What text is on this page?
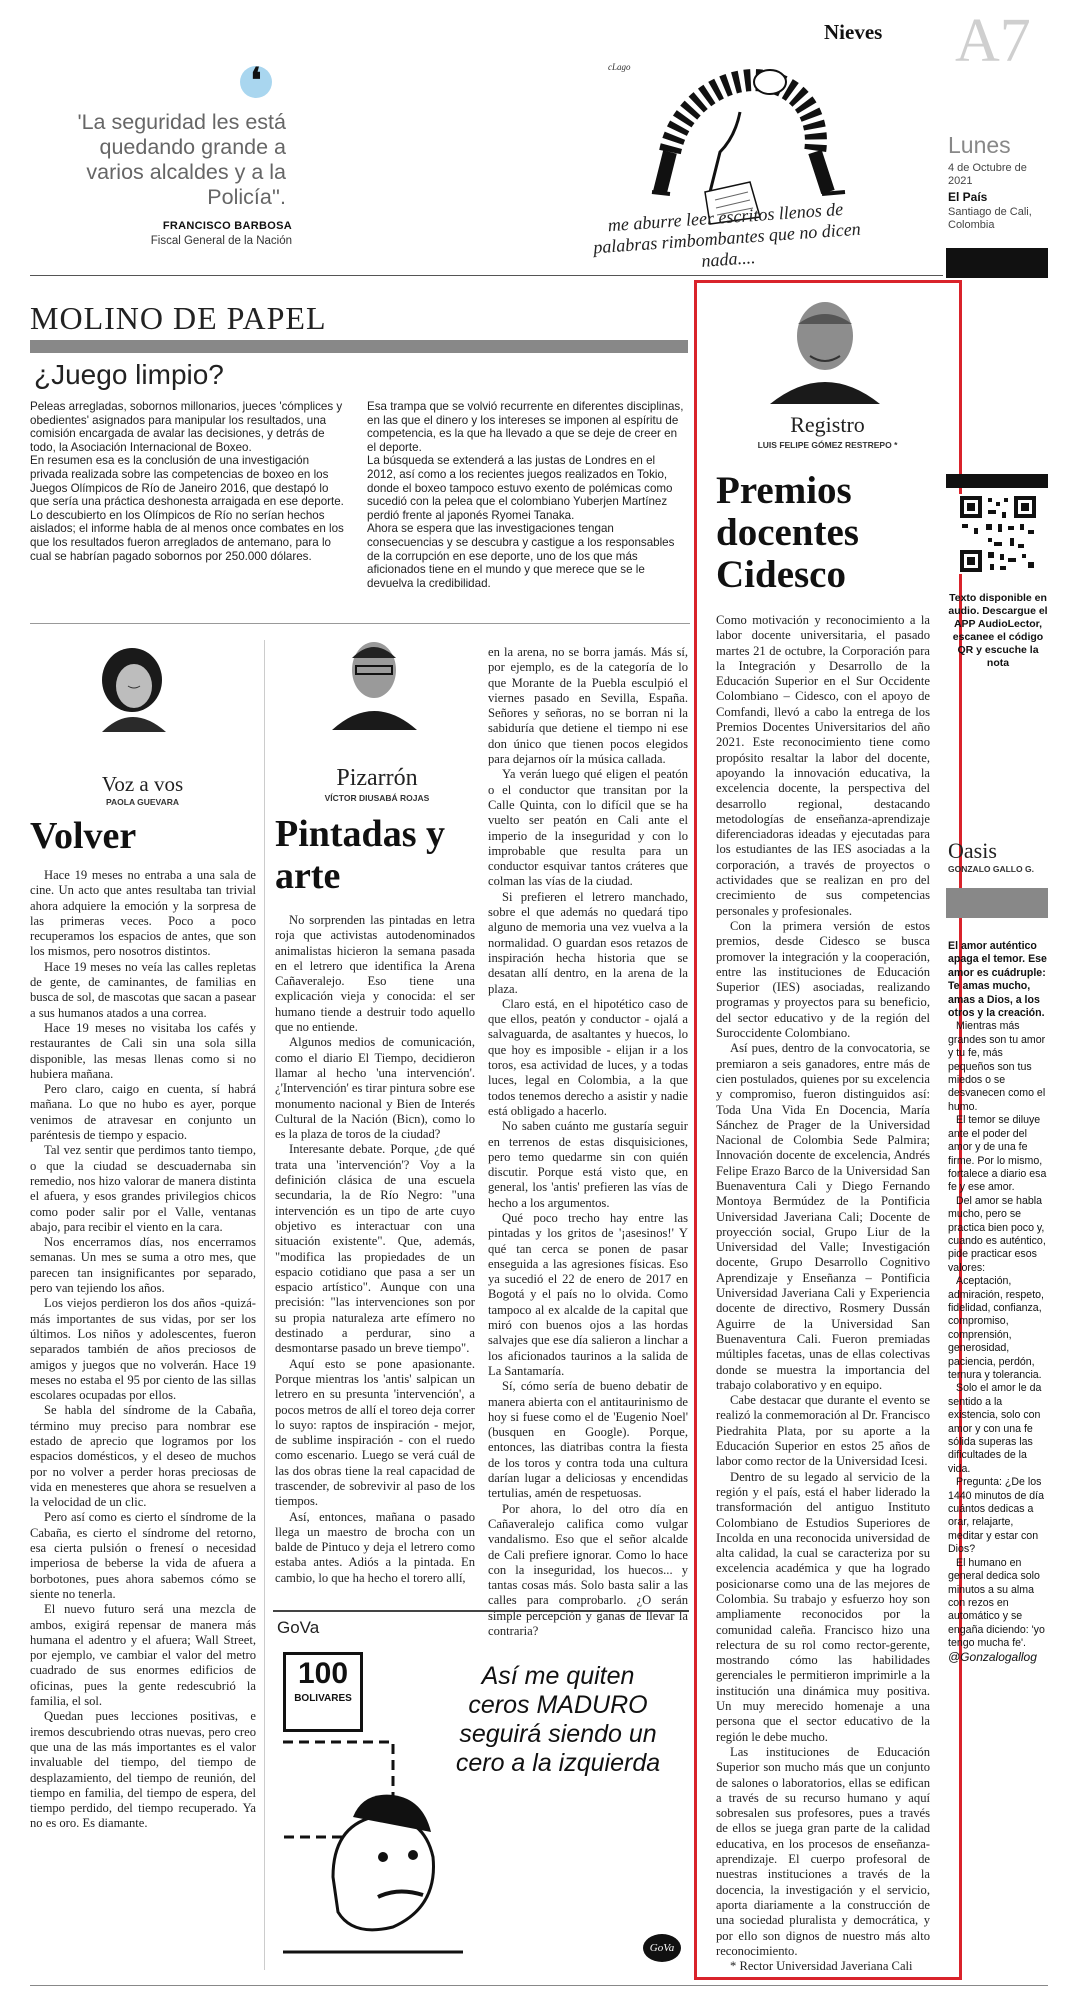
❛
'La seguridad les está quedando grande a varios alcaldes y a la Policía''.
FRANCISCO BARBOSA
Fiscal General de la Nación
cLago
me aburre leer escritos llenos de palabras rimbombantes que no dicen nada....
Nieves A7
Lunes
4 de Octubre de 2021
El País
Santiago de Cali, Colombia
MOLINO DE PAPEL
¿Juego limpio?
Peleas arregladas, sobornos millonarios, jueces 'cómplices y obedientes' asignados para manipular los resultados, una comisión encargada de avalar las decisiones, y detrás de todo, la Asociación Internacional de Boxeo.
En resumen esa es la conclusión de una investigación privada realizada sobre las competencias de boxeo en los Juegos Olímpicos de Río de Janeiro 2016, que destapó lo que sería una práctica deshonesta arraigada en ese deporte.
Lo descubierto en los Olímpicos de Río no serían hechos aislados; el informe habla de al menos once combates en los que los resultados fueron arreglados de antemano, para lo cual se habrían pagado sobornos por 250.000 dólares.
Esa trampa que se volvió recurrente en diferentes disciplinas, en las que el dinero y los intereses se imponen al espíritu de competencia, es la que ha llevado a que se deje de creer en el deporte.
La búsqueda se extenderá a las justas de Londres en el 2012, así como a los recientes juegos realizados en Tokio, donde el boxeo tampoco estuvo exento de polémicas como sucedió con la pelea que el colombiano Yuberjen Martínez perdió frente al japonés Ryomei Tanaka.
Ahora se espera que las investigaciones tengan consecuencias y se descubra y castigue a los responsables de la corrupción en ese deporte, uno de los que más aficionados tiene en el mundo y que merece que se le devuelva la credibilidad.
Voz a vos
PAOLA GUEVARA
Volver

Hace 19 meses no entraba a una sala de cine. Un acto que antes resultaba tan trivial ahora adquiere la emoción y la sorpresa de las primeras veces. Poco a poco recuperamos los espacios de antes, que son los mismos, pero nosotros distintos.

Hace 19 meses no veía las calles repletas de gente, de caminantes, de familias en busca de sol, de mascotas que sacan a pasear a sus humanos atados a una correa.

Hace 19 meses no visitaba los cafés y restaurantes de Cali sin una sola silla disponible, las mesas llenas como si no hubiera mañana.

Pero claro, caigo en cuenta, sí habrá mañana. Lo que no hubo es ayer, porque venimos de atravesar en conjunto un paréntesis de tiempo y espacio.

Tal vez sentir que perdimos tanto tiempo, o que la ciudad se descuadernaba sin remedio, nos hizo valorar de manera distinta el afuera, y esos grandes privilegios chicos como poder salir por el Valle, ventanas abajo, para recibir el viento en la cara.

Nos encerramos días, nos encerramos semanas. Un mes se suma a otro mes, que parecen tan insignificantes por separado, pero van tejiendo los años.

Los viejos perdieron los dos años -quizá- más importantes de sus vidas, por ser los últimos. Los niños y adolescentes, fueron separados también de años preciosos de amigos y juegos que no volverán. Hace 19 meses no estaba el 95 por ciento de las sillas escolares ocupadas por ellos.

Se habla del síndrome de la Cabaña, término muy preciso para nombrar ese estado de aprecio que logramos por los espacios domésticos, y el deseo de muchos por no volver a perder horas preciosas de vida en menesteres que ahora se resuelven a la velocidad de un clic.

Pero así como es cierto el síndrome de la Cabaña, es cierto el síndrome del retorno, esa cierta pulsión o frenesí o necesidad imperiosa de beberse la vida de afuera a borbotones, pues ahora sabemos cómo se siente no tenerla.

El nuevo futuro será una mezcla de ambos, exigirá repensar de manera más humana el adentro y el afuera; Wall Street, por ejemplo, ve cambiar el valor del metro cuadrado de sus enormes edificios de oficinas, pues la gente redescubrió la familia, el sol.

Quedan pues lecciones positivas, e iremos descubriendo otras nuevas, pero creo que una de las más importantes es el valor invaluable del tiempo, del tiempo de desplazamiento, del tiempo de reunión, del tiempo en familia, del tiempo de espera, del tiempo perdido, del tiempo recuperado. Ya no es oro. Es diamante.

Pizarrón
VÍCTOR DIUSABÁ ROJAS
Pintadas y arte

No sorprenden las pintadas en letra roja que activistas autodenominados animalistas hicieron la semana pasada en el letrero que identifica la Arena Cañaveralejo. Eso tiene una explicación vieja y conocida: el ser humano tiende a destruir todo aquello que no entiende.

Algunos medios de comunicación, como el diario El Tiempo, decidieron llamar al hecho 'una intervención'. ¿'Intervención' es tirar pintura sobre ese monumento nacional y Bien de Interés Cultural de la Nación (Bicn), como lo es la plaza de toros de la ciudad?

Interesante debate. Porque, ¿de qué trata una 'intervención'? Voy a la definición clásica de una escuela secundaria, la de Río Negro: "una intervención es un tipo de arte cuyo objetivo es interactuar con una situación existente". Que, además, "modifica las propiedades de un espacio cotidiano que pasa a ser un espacio artístico". Aunque con una precisión: "las intervenciones son por su propia naturaleza arte efímero no destinado a perdurar, sino a desmontarse pasado un breve tiempo".

Aquí esto se pone apasionante. Porque mientras los 'antis' salpican un letrero en su presunta 'intervención', a pocos metros de allí el toreo deja correr lo suyo: raptos de inspiración - mejor, de sublime inspiración - con el ruedo como escenario. Luego se verá cuál de las dos obras tiene la real capacidad de trascender, de sobrevivir al paso de los tiempos.

Así, entonces, mañana o pasado llega un maestro de brocha con un balde de Pintuco y deja el letrero como estaba antes. Adiós a la pintada. En cambio, lo que ha hecho el torero allí,

en la arena, no se borra jamás. Más sí, por ejemplo, es de la categoría de lo que Morante de la Puebla esculpió el viernes pasado en Sevilla, España. Señores y señoras, no se borran ni la sabiduría que detiene el tiempo ni ese don único que tienen pocos elegidos para dejarnos oír la música callada.

Ya verán luego qué eligen el peatón o el conductor que transitan por la Calle Quinta, con lo difícil que se ha vuelto ser peatón en Cali ante el imperio de la inseguridad y con lo improbable que resulta para un conductor esquivar tantos cráteres que colman las vías de la ciudad.

Si prefieren el letrero manchado, sobre el que además no quedará tipo alguno de memoria una vez vuelva a la normalidad. O guardan esos retazos de inspiración hecha historia que se desatan allí dentro, en la arena de la plaza.

Claro está, en el hipotético caso de que ellos, peatón y conductor - ojalá a salvaguarda, de asaltantes y huecos, lo que hoy es imposible - elijan ir a los toros, esa actividad de luces, y a todas luces, legal en Colombia, a la que todos tenemos derecho a asistir y nadie está obligado a hacerlo.

No saben cuánto me gustaría seguir en terrenos de estas disquisiciones, pero temo quedarme sin con quién discutir. Porque está visto que, en general, los 'antis' prefieren las vías de hecho a los argumentos.

Qué poco trecho hay entre las pintadas y los gritos de '¡asesinos!' Y qué tan cerca se ponen de pasar enseguida a las agresiones físicas. Eso ya sucedió el 22 de enero de 2017 en Bogotá y el país no lo olvida. Como tampoco al ex alcalde de la capital que miró con buenos ojos a las hordas salvajes que ese día salieron a linchar a los aficionados taurinos a la salida de La Santamaría.

Sí, cómo sería de bueno debatir de manera abierta con el antitaurinismo de hoy si fuese como el de 'Eugenio Noel' (busquen en Google). Porque, entonces, las diatribas contra la fiesta de los toros y contra toda una cultura darían lugar a deliciosas y encendidas tertulias, amén de respetuosas.

Por ahora, lo del otro día en Cañaveralejo califica como vulgar vandalismo. Eso que el señor alcalde de Cali prefiere ignorar. Como lo hace con la inseguridad, los huecos... y tantas cosas más. Solo basta salir a las calles para comprobarlo. ¿O serán simple percepción y ganas de llevar la contraria?

GoVa
100
BOLIVARES
Así me quiten ceros MADURO seguirá siendo un cero a la izquierda
GoVa
Registro
LUIS FELIPE GÓMEZ RESTREPO *
Premios docentes Cidesco

Como motivación y reconocimiento a la labor docente universitaria, el pasado martes 21 de octubre, la Corporación para la Integración y Desarrollo de la Educación Superior en el Sur Occidente Colombiano – Cidesco, con el apoyo de Comfandi, llevó a cabo la entrega de los Premios Docentes Universitarios del año 2021. Este reconocimiento tiene como propósito resaltar la labor del docente, apoyando la innovación educativa, la excelencia docente, la perspectiva del desarrollo regional, destacando metodologías de enseñanza-aprendizaje diferenciadoras ideadas y ejecutadas para los estudiantes de las IES asociadas a la corporación, a través de proyectos o actividades que se realizan en pro del crecimiento de sus competencias personales y profesionales.

Con la primera versión de estos premios, desde Cidesco se busca promover la integración y la cooperación, entre las instituciones de Educación Superior (IES) asociadas, realizando programas y proyectos para su beneficio, del sector educativo y de la región del Suroccidente Colombiano.

Así pues, dentro de la convocatoria, se premiaron a seis ganadores, entre más de cien postulados, quienes por su excelencia y compromiso, fueron distinguidos así: Toda Una Vida En Docencia, María Sánchez de Prager de la Universidad Nacional de Colombia Sede Palmira; Innovación docente de excelencia, Andrés Felipe Erazo Barco de la Universidad San Buenaventura Cali y Diego Fernando Montoya Bermúdez de la Pontificia Universidad Javeriana Cali; Docente de proyección social, Grupo Liur de la Universidad del Valle; Investigación docente, Grupo Desarrollo Cognitivo Aprendizaje y Enseñanza – Pontificia Universidad Javeriana Cali y Experiencia docente de directivo, Rosmery Dussán Aguirre de la Universidad San Buenaventura Cali. Fueron premiadas múltiples facetas, unas de ellas colectivas donde se muestra la importancia del trabajo colaborativo y en equipo.

Cabe destacar que durante el evento se realizó la conmemoración al Dr. Francisco Piedrahita Plata, por su aporte a la Educación Superior en estos 25 años de labor como rector de la Universidad Icesi.

Dentro de su legado al servicio de la región y el país, está el haber liderado la transformación del antiguo Instituto Colombiano de Estudios Superiores de Incolda en una reconocida universidad de alta calidad, la cual se caracteriza por su excelencia académica y que ha logrado posicionarse como una de las mejores de Colombia. Su trabajo y esfuerzo hoy son ampliamente reconocidos por la comunidad caleña. Francisco hizo una relectura de su rol como rector-gerente, mostrando cómo las habilidades gerenciales le permitieron imprimirle a la institución una dinámica muy positiva. Un muy merecido homenaje a una persona que el sector educativo de la región le debe mucho.

Las instituciones de Educación Superior son mucho más que un conjunto de salones o laboratorios, ellas se edifican a través de su recurso humano y aquí sobresalen sus profesores, pues a través de ellos se juega gran parte de la calidad educativa, en los procesos de enseñanza-aprendizaje. El cuerpo profesoral de nuestras instituciones a través de la docencia, la investigación y el servicio, aporta diariamente a la construcción de una sociedad pluralista y democrática, y por ello son dignos de nuestro más alto reconocimiento.

* Rector Universidad Javeriana Cali

Texto disponible en audio. Descargue el APP AudioLector, escanee el código QR y escuche la nota
Oasis
GONZALO GALLO G.

El amor auténtico apaga el temor. Ese amor es cuádruple: Te amas mucho, amas a Dios, a los otros y la creación.

Mientras más grandes son tu amor y tu fe, más pequeños son tus miedos o se desvanecen como el humo.

El temor se diluye ante el poder del amor y de una fe firme. Por lo mismo, fortalece a diario esa fe y ese amor.

Del amor se habla mucho, pero se practica bien poco y, cuando es auténtico, pide practicar esos valores:

Aceptación, admiración, respeto, fidelidad, confianza, compromiso, comprensión, generosidad, paciencia, perdón, ternura y tolerancia.

Solo el amor le da sentido a la existencia, solo con amor y con una fe sólida superas las dificultades de la vida.

Pregunta: ¿De los 1440 minutos de día cuántos dedicas a orar, relajarte, meditar y estar con Dios?

El humano en general dedica solo minutos a su alma con rezos en automático y se engaña diciendo: 'yo tengo mucha fe'.

@Gonzalogallog
